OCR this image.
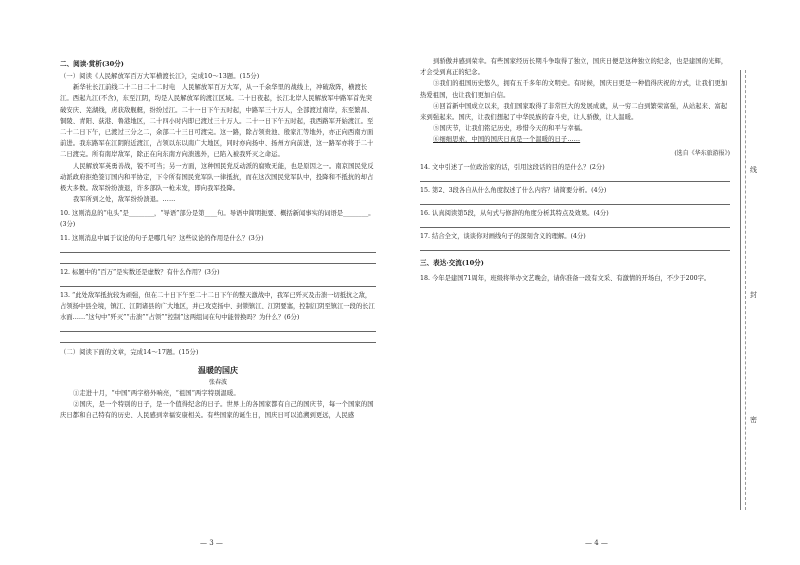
二、阅读·赏析(30分)

（一）阅读《人民解放军百万大军横渡长江》，完成10～13题。(15分)

新华社长江前线二十二日二十二时电　人民解放军百万大军，从一千余华里的战线上，冲破敌阵，横渡长江。西起九江(不含)，东至江阴，均是人民解放军的渡江区域。二十日夜起，长江北岸人民解放军中路军首先突破安庆、芜湖线，虏获敌舰艇，纷纷过江。二十一日下午五时起，中路军三十万人，全部渡过南岸，东至繁昌、铜陵、青阳、荻港、鲁港地区，二十四小时内即已渡过三十万人。二十一日下午五时起，我西路军开始渡江。至二十二日下午，已渡过三分之二，余部二十三日可渡完。这一路，除占领贵池、殷家汇等地外，亦正向西南方面前进。我东路军在江阴附近渡江，占领以东以南广大地区，同时亦向扬中、扬州方向前进，这一路军亦将于二十二日渡完。所有南岸敌军，除正在向东南方向溃逃外，已陷入被我歼灭之命运。

人民解放军英勇善战，锐不可当；另一方面，这种国民党反动派的腐败无能，也是原因之一。南京国民党反动派政府拒绝签订国内和平协定，下令所有国民党军队一律抵抗，而在这次国民党军队中，投降和不抵抗的却占极大多数。敌军纷纷溃退，许多部队一枪未发，即向我军投降。

我军所到之处，敌军纷纷溃退。……

10. 这则消息的“电头”是________，“导语”部分是第____句。导语中简明扼要、概括新闻事实的词语是________。(3分)

11. 这则消息中属于议论的句子是哪几句？这些议论的作用是什么？(3分)

12. 标题中的“百万”是实数还是虚数？有什么作用？(3分)

13. “此处敌军抵抗较为顽强，但在二十日下午至二十二日下午的整天激战中，我军已歼灭及击溃一切抵抗之敌，占领扬中县全境，镇江、江阴诸县的广大地区，并已攻克扬中、封锁镇江、江阴要塞，控制江阴至镇江一段的长江水面……”这句中“歼灭”“击溃”“占领”“控制”这两组词在句中能替换吗？为什么？(6分)

（二）阅读下面的文章，完成14～17题。(15分)

温暖的国庆

张春波

①走进十月，“中国”两字格外响亮，“祖国”两字特别温暖。

②国庆，是一个特别的日子，是一个值得纪念的日子。世界上的各国家都有自己的国庆节，每一个国家的国庆日都和自己特有的历史、人民感到幸福安康相关。有些国家的诞生日，国庆日可以追溯到更远，人民感

— 3 —

到骄傲并感到荣幸。有些国家经历长期斗争取得了独立，国庆日便是这种独立的纪念，也是建国的光辉，才会受到真正的纪念。

③我们的祖国历史悠久，拥有五千多年的文明史。有时候，国庆日更是一种值得庆祝的方式，让我们更加热爱祖国，也让我们更加自信。

④回首新中国成立以来，我们国家取得了非常巨大的发展成就，从一穷二白到繁荣富强，从站起来、富起来到强起来。国庆，让我们想起了中华民族的奋斗史，让人骄傲，让人温暖。

⑤国庆节，让我们铭记历史，珍惜今天的和平与幸福。

⑥细细思索，中国的国庆日真是一个温暖的日子……

(选自《华东旅游报》)

14. 文中引述了一位政治家的话，引用这段话的目的是什么？(2分)

15. 第2、3段各自从什么角度叙述了什么内容？请简要分析。(4分)

16. 认真阅读第5段，从句式与修辞的角度分析其特点及效果。(4分)

17. 结合全文，谈谈你对画线句子的深刻含义的理解。(4分)

三、表达·交流(10分)

18. 今年是建国71周年，班级将举办文艺晚会，请你准备一段有文采、有激情的开场白，不少于200字。

— 4 —
线
封
密
